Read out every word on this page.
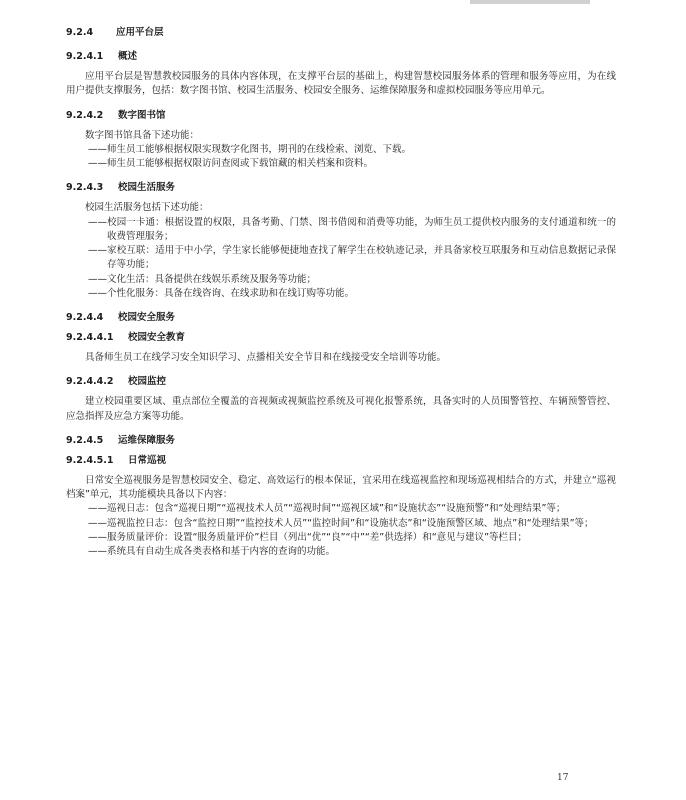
9.2.4 应用平台层
9.2.4.1 概述

应用平台层是智慧教校园服务的具体内容体现，在支撑平台层的基础上，构建智慧校园服务体系的管理和服务等应用，为在线用户提供支撑服务，包括：数字图书馆、校园生活服务、校园安全服务、运维保障服务和虚拟校园服务等应用单元。

9.2.4.2 数字图书馆

数字图书馆具备下述功能：

——师生员工能够根据权限实现数字化图书，期刊的在线检索、浏览、下载。
——师生员工能够根据权限访问查阅或下载馆藏的相关档案和资料。
9.2.4.3 校园生活服务

校园生活服务包括下述功能：

——校园一卡通：根据设置的权限，具备考勤、门禁、图书借阅和消费等功能，为师生员工提供校内服务的支付通道和统一的收费管理服务；
——家校互联：适用于中小学，学生家长能够便捷地查找了解学生在校轨迹记录，并具备家校互联服务和互动信息数据记录保存等功能；
——文化生活：具备提供在线娱乐系统及服务等功能；
——个性化服务：具备在线咨询、在线求助和在线订购等功能。
9.2.4.4 校园安全服务
9.2.4.4.1 校园安全教育

具备师生员工在线学习安全知识学习、点播相关安全节目和在线接受安全培训等功能。

9.2.4.4.2 校园监控

建立校园重要区域、重点部位全覆盖的音视频或视频监控系统及可视化报警系统，具备实时的人员围警管控、车辆预警管控、应急指挥及应急方案等功能。

9.2.4.5 运维保障服务
9.2.4.5.1 日常巡视

日常安全巡视服务是智慧校园安全、稳定、高效运行的根本保证，宜采用在线巡视监控和现场巡视相结合的方式，并建立“巡视档案”单元，其功能模块具备以下内容：

——巡视日志：包含“巡视日期”“巡视技术人员”“巡视时间”“巡视区域”和“设施状态”“设施预警”和“处理结果”等；
——巡视监控日志：包含“监控日期”“监控技术人员”“监控时间”和“设施状态”和“设施预警区域、地点”和“处理结果”等；
——服务质量评价：设置“服务质量评价”栏目（列出“优”“良”“中”“差”供选择）和“意见与建议”等栏目；
——系统具有自动生成各类表格和基于内容的查询的功能。
17
